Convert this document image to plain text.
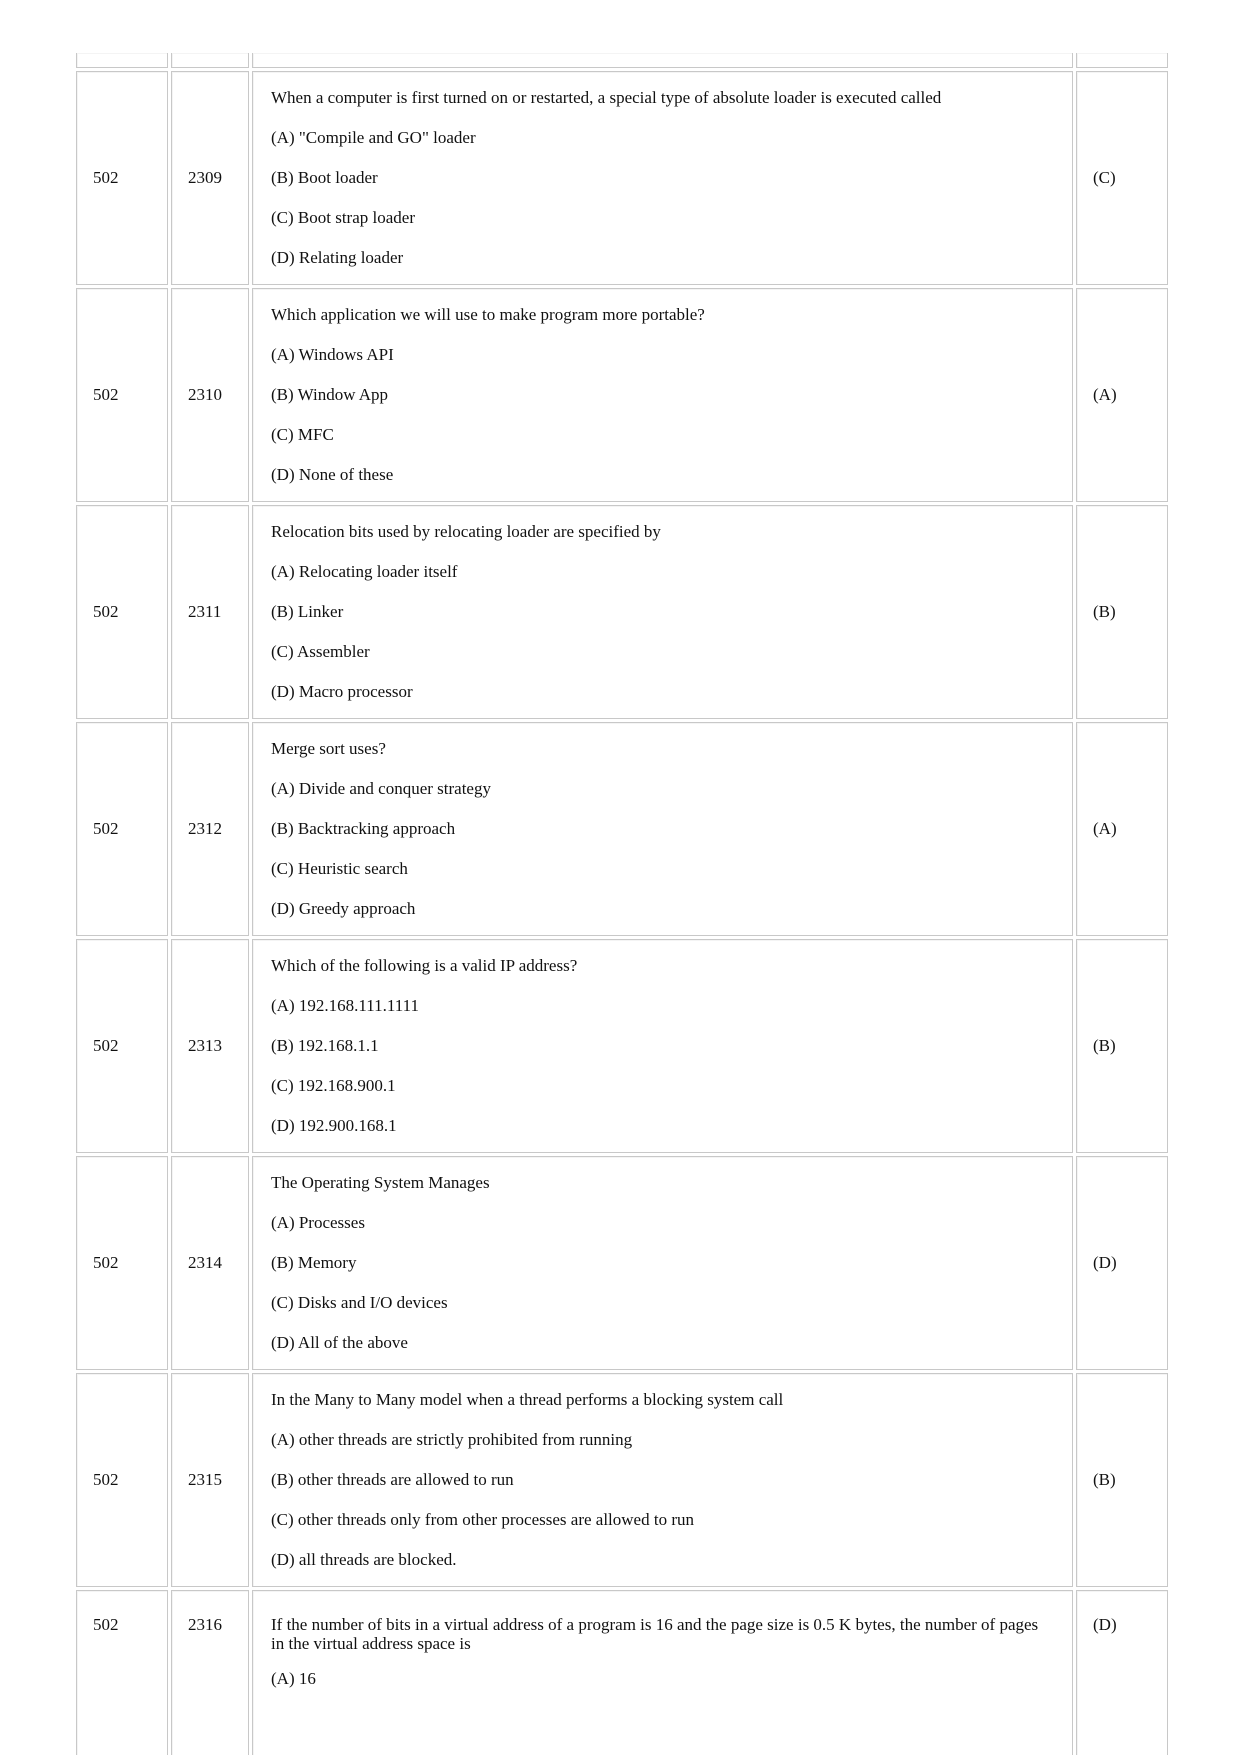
502	2309	When a computer is first turned on or restarted, a special type of absolute loader is executed called
(A) "Compile and GO" loader
(B) Boot loader
(C) Boot strap loader
(D) Relating loader	(C)
502	2310	Which application we will use to make program more portable?
(A) Windows API
(B) Window App
(C) MFC
(D) None of these	(A)
502	2311	Relocation bits used by relocating loader are specified by
(A) Relocating loader itself
(B) Linker
(C) Assembler
(D) Macro processor	(B)
502	2312	Merge sort uses?
(A) Divide and conquer strategy
(B) Backtracking approach
(C) Heuristic search
(D) Greedy approach	(A)
502	2313	Which of the following is a valid IP address?
(A) 192.168.111.1111
(B) 192.168.1.1
(C) 192.168.900.1
(D) 192.900.168.1	(B)
502	2314	The Operating System Manages
(A) Processes
(B) Memory
(C) Disks and I/O devices
(D) All of the above	(D)
502	2315	In the Many to Many model when a thread performs a blocking system call
(A) other threads are strictly prohibited from running
(B) other threads are allowed to run
(C) other threads only from other processes are allowed to run
(D) all threads are blocked.	(B)
502	2316	If the number of bits in a virtual address of a program is 16 and the page size is 0.5 K bytes, the number of pages in the virtual address space is
(A) 16	(D)
